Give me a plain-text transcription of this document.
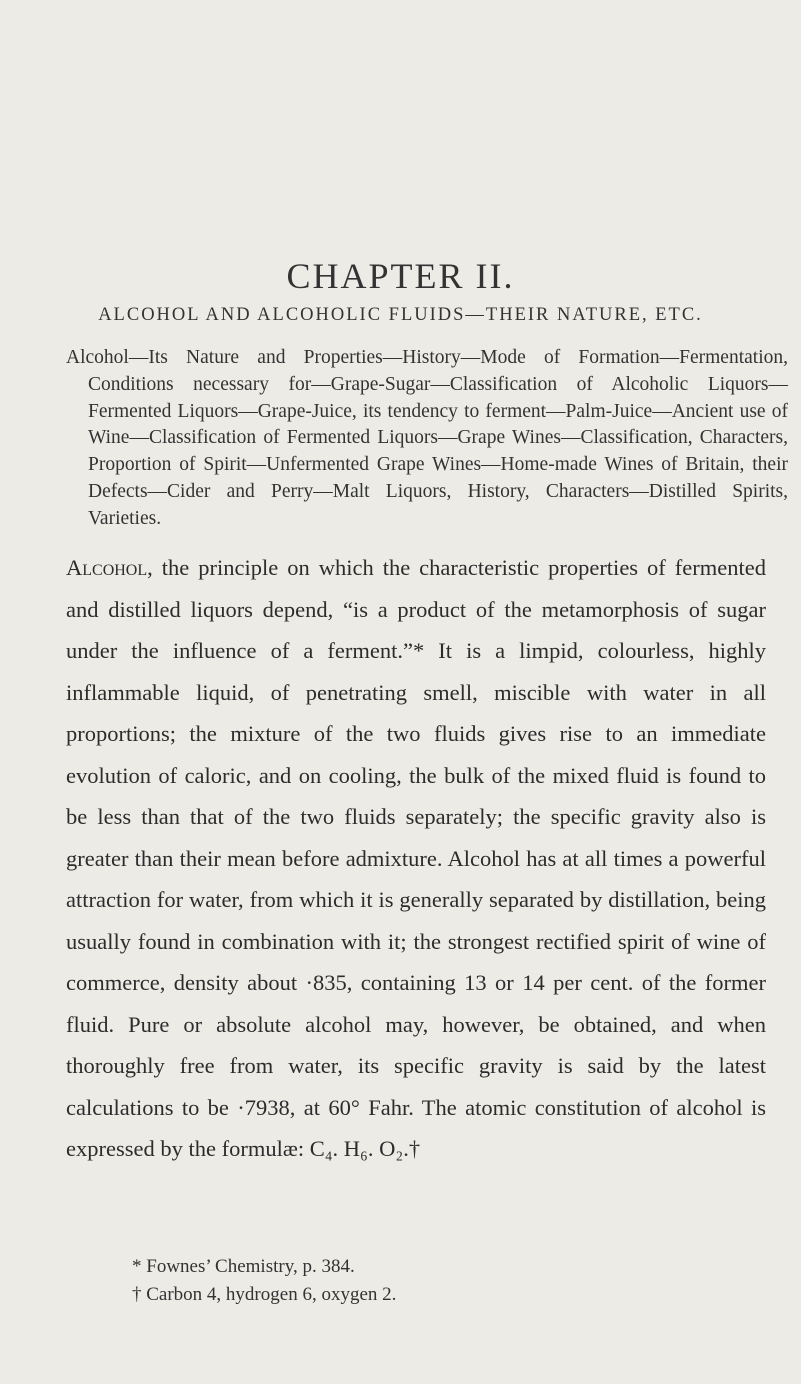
CHAPTER II.
ALCOHOL AND ALCOHOLIC FLUIDS—THEIR NATURE, ETC.

Alcohol—Its Nature and Properties—History—Mode of Formation—Fermentation, Conditions necessary for—Grape-Sugar—Classification of Alcoholic Liquors—Fermented Liquors—Grape-Juice, its tendency to ferment—Palm-Juice—Ancient use of Wine—Classification of Fermented Liquors—Grape Wines—Classification, Characters, Proportion of Spirit—Unfermented Grape Wines—Home-made Wines of Britain, their Defects—Cider and Perry—Malt Liquors, History, Characters—Distilled Spirits, Varieties.

Alcohol, the principle on which the characteristic properties of fermented and distilled liquors depend, “is a product of the metamorphosis of sugar under the influence of a ferment.”* It is a limpid, colourless, highly inflammable liquid, of penetrating smell, miscible with water in all proportions; the mixture of the two fluids gives rise to an immediate evolution of caloric, and on cooling, the bulk of the mixed fluid is found to be less than that of the two fluids separately; the specific gravity also is greater than their mean before admixture. Alcohol has at all times a powerful attraction for water, from which it is generally separated by distillation, being usually found in combination with it; the strongest rectified spirit of wine of commerce, density about ·835, containing 13 or 14 per cent. of the former fluid. Pure or absolute alcohol may, however, be obtained, and when thoroughly free from water, its specific gravity is said by the latest calculations to be ·7938, at 60° Fahr. The atomic constitution of alcohol is expressed by the formulæ: C₄. H₆. O₂.†

* Fownes’ Chemistry, p. 384.

† Carbon 4, hydrogen 6, oxygen 2.
